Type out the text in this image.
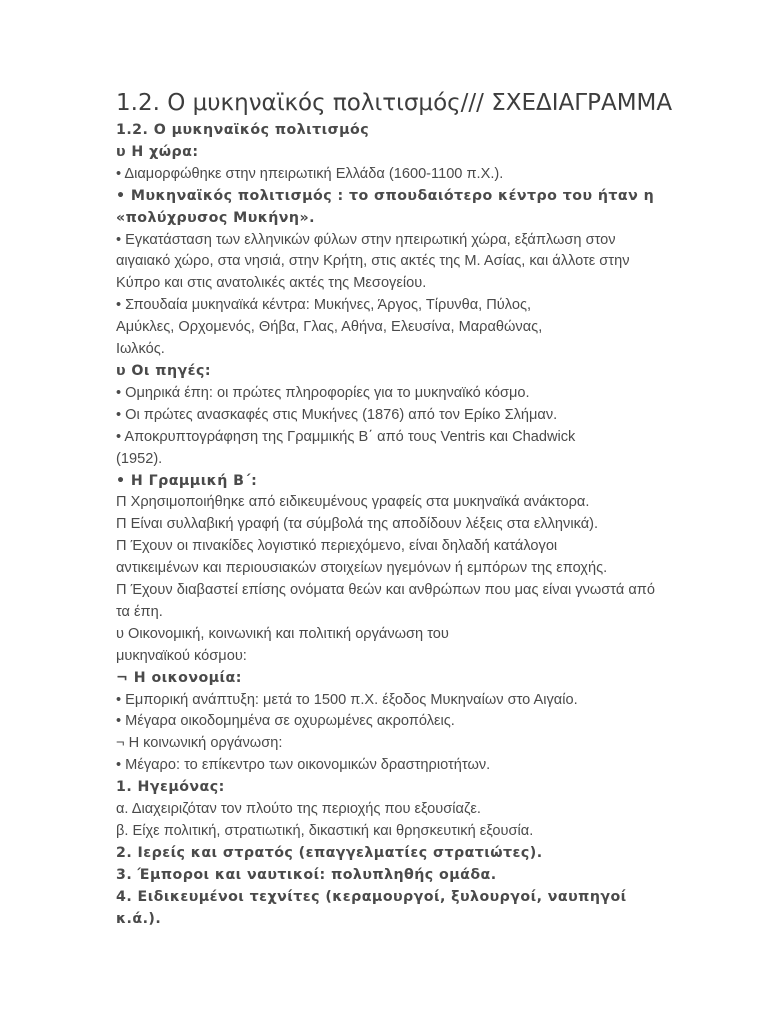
1.2. Ο μυκηναϊκός πολιτισμός/// ΣΧΕΔΙΑΓΡΑΜΜΑ
1.2. Ο μυκηναϊκός πολιτισμός
υ Η χώρα:
• Διαμορφώθηκε στην ηπειρωτική Ελλάδα (1600-1100 π.Χ.).
• Μυκηναϊκός πολιτισμός : το σπουδαιότερο κέντρο του ήταν η
«πολύχρυσος Μυκήνη».
• Εγκατάσταση των ελληνικών φύλων στην ηπειρωτική χώρα, εξάπλωση στον
αιγαιακό χώρο, στα νησιά, στην Κρήτη, στις ακτές της Μ. Ασίας, και άλλοτε στην
Κύπρο και στις ανατολικές ακτές της Μεσογείου.
• Σπουδαία μυκηναϊκά κέντρα: Μυκήνες, Άργος, Τίρυνθα, Πύλος,
Αμύκλες, Ορχομενός, Θήβα, Γλας, Αθήνα, Ελευσίνα, Μαραθώνας,
Ιωλκός.
υ Οι πηγές:
• Ομηρικά έπη: οι πρώτες πληροφορίες για το μυκηναϊκό κόσμο.
• Οι πρώτες ανασκαφές στις Μυκήνες (1876) από τον Ερίκο Σλήμαν.
• Αποκρυπτογράφηση της Γραμμικής Β΄ από τους Ventris και Chadwick
(1952).
• Η Γραμμική Β΄:
Π Χρησιμοποιήθηκε από ειδικευμένους γραφείς στα μυκηναϊκά ανάκτορα.
Π Είναι συλλαβική γραφή (τα σύμβολά της αποδίδουν λέξεις στα ελληνικά).
Π Έχουν οι πινακίδες λογιστικό περιεχόμενο, είναι δηλαδή κατάλογοι
αντικειμένων και περιουσιακών στοιχείων ηγεμόνων ή εμπόρων της εποχής.
Π Έχουν διαβαστεί επίσης ονόματα θεών και ανθρώπων που μας είναι γνωστά από
τα έπη.
υ Οικονομική, κοινωνική και πολιτική οργάνωση του
μυκηναϊκού κόσμου:
¬ Η οικονομία:
• Εμπορική ανάπτυξη: μετά το 1500 π.Χ. έξοδος Μυκηναίων στο Αιγαίο.
• Μέγαρα οικοδομημένα σε οχυρωμένες ακροπόλεις.
¬ Η κοινωνική οργάνωση:
• Μέγαρο: το επίκεντρο των οικονομικών δραστηριοτήτων.
1. Ηγεμόνας:
α. Διαχειριζόταν τον πλούτο της περιοχής που εξουσίαζε.
β. Είχε πολιτική, στρατιωτική, δικαστική και θρησκευτική εξουσία.
2. Ιερείς και στρατός (επαγγελματίες στρατιώτες).
3. Έμποροι και ναυτικοί: πολυπληθής ομάδα.
4. Ειδικευμένοι τεχνίτες (κεραμουργοί, ξυλουργοί, ναυπηγοί
κ.ά.).
